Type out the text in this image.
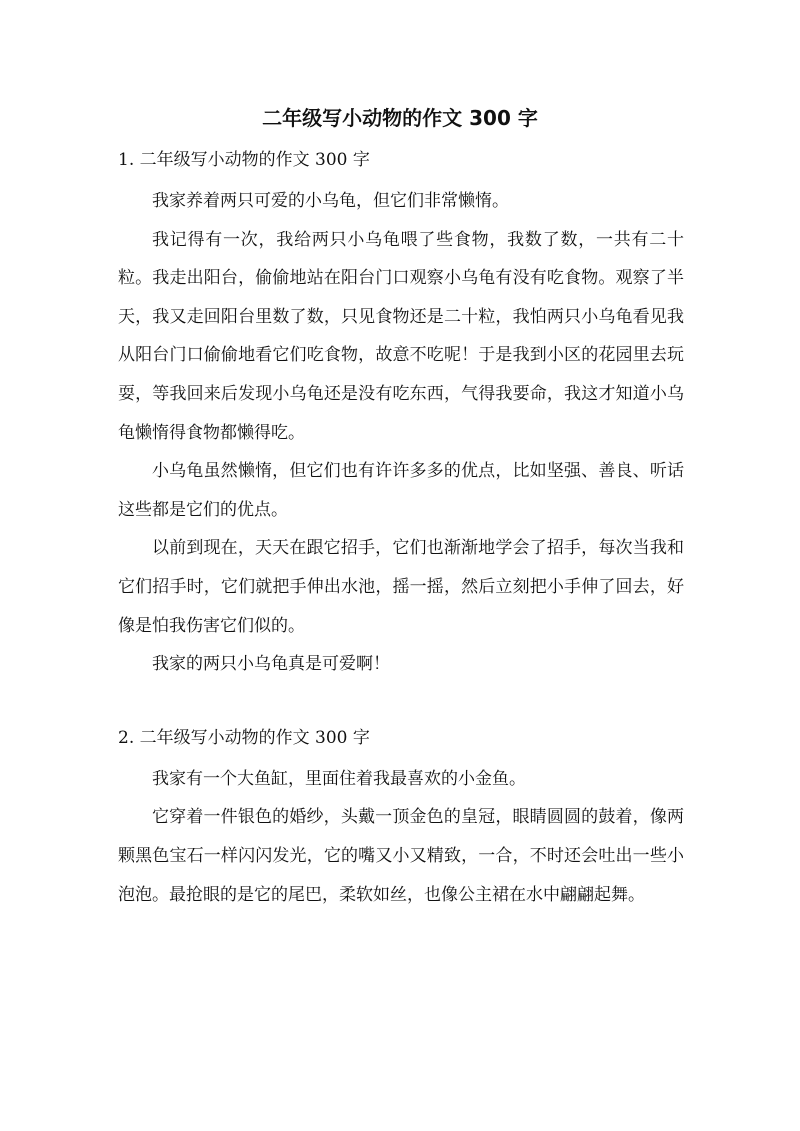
二年级写小动物的作文 300 字
1. 二年级写小动物的作文 300 字

我家养着两只可爱的小乌龟，但它们非常懒惰。

我记得有一次，我给两只小乌龟喂了些食物，我数了数，一共有二十粒。我走出阳台，偷偷地站在阳台门口观察小乌龟有没有吃食物。观察了半天，我又走回阳台里数了数，只见食物还是二十粒，我怕两只小乌龟看见我从阳台门口偷偷地看它们吃食物，故意不吃呢！于是我到小区的花园里去玩耍，等我回来后发现小乌龟还是没有吃东西，气得我要命，我这才知道小乌龟懒惰得食物都懒得吃。

小乌龟虽然懒惰，但它们也有许许多多的优点，比如坚强、善良、听话这些都是它们的优点。

以前到现在，天天在跟它招手，它们也渐渐地学会了招手，每次当我和它们招手时，它们就把手伸出水池，摇一摇，然后立刻把小手伸了回去，好像是怕我伤害它们似的。

我家的两只小乌龟真是可爱啊！

2. 二年级写小动物的作文 300 字

我家有一个大鱼缸，里面住着我最喜欢的小金鱼。

它穿着一件银色的婚纱，头戴一顶金色的皇冠，眼睛圆圆的鼓着，像两颗黑色宝石一样闪闪发光，它的嘴又小又精致，一合，不时还会吐出一些小泡泡。最抢眼的是它的尾巴，柔软如丝，也像公主裙在水中翩翩起舞。
